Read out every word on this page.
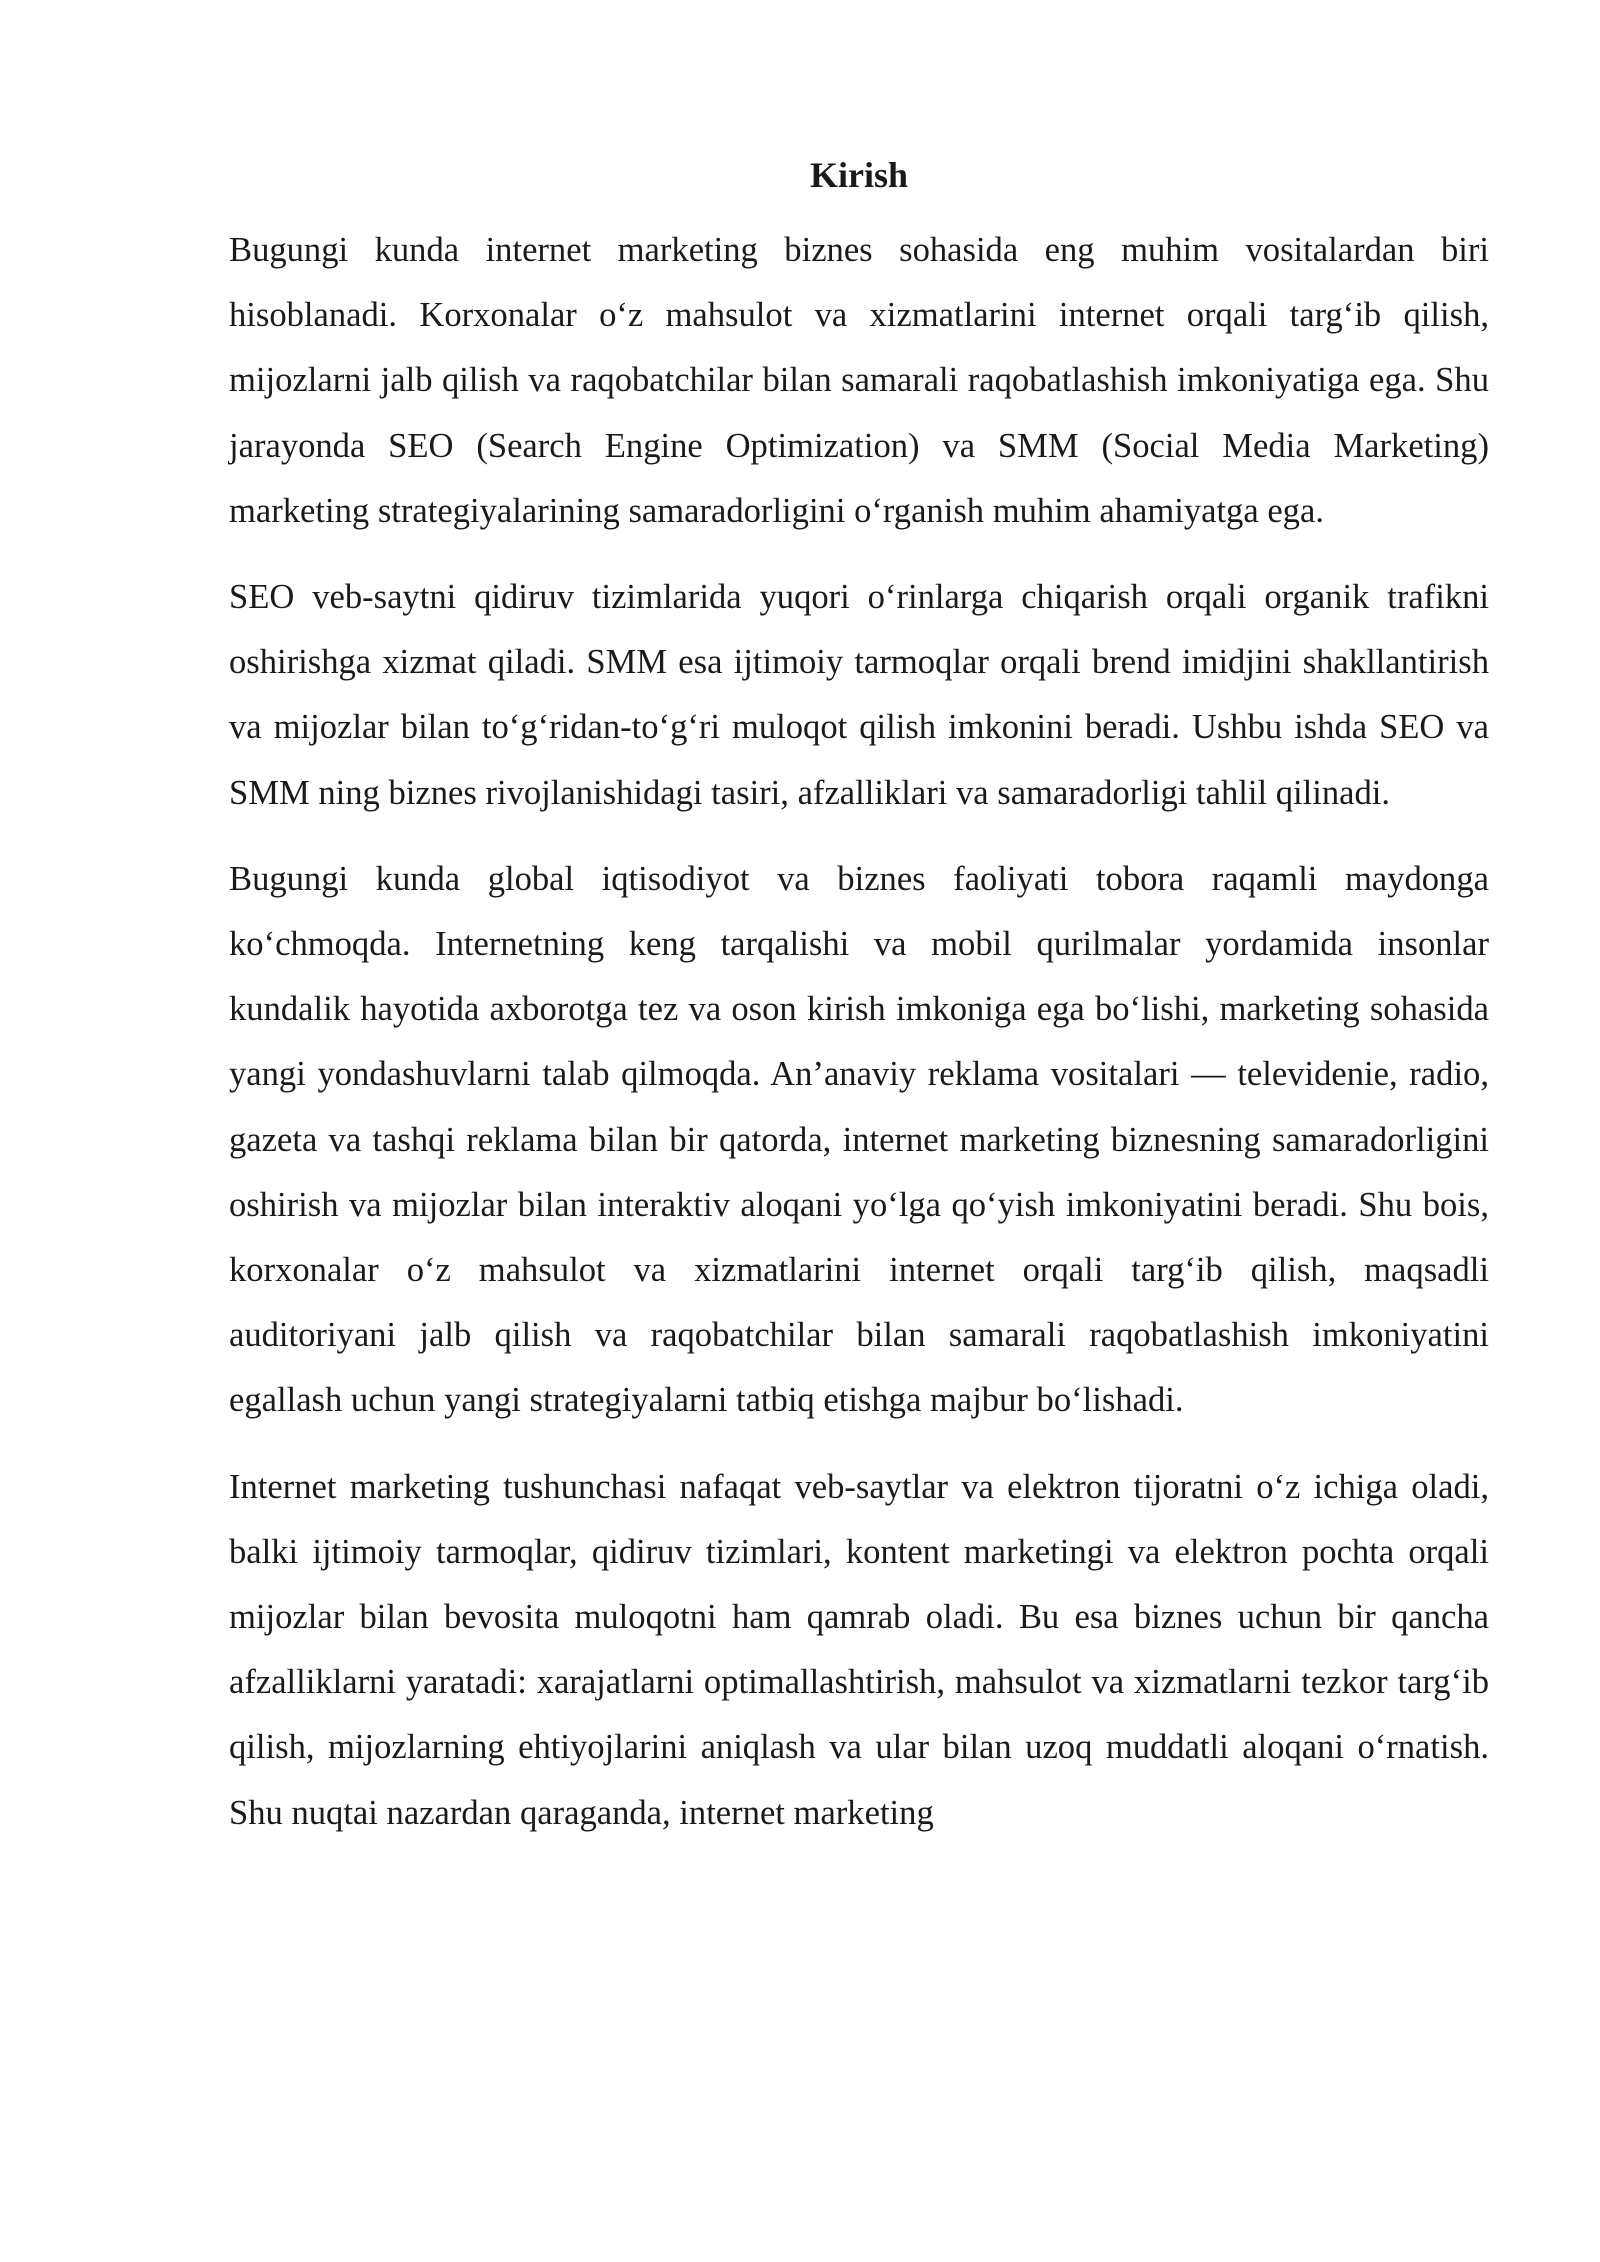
Kirish

Bugungi kunda internet marketing biznes sohasida eng muhim vositalardan biri hisoblanadi. Korxonalar o‘z mahsulot va xizmatlarini internet orqali targ‘ib qilish, mijozlarni jalb qilish va raqobatchilar bilan samarali raqobatlashish imkoniyatiga ega. Shu jarayonda SEO (Search Engine Optimization) va SMM (Social Media Marketing) marketing strategiyalarining samaradorligini o‘rganish muhim ahamiyatga ega.

SEO veb-saytni qidiruv tizimlarida yuqori o‘rinlarga chiqarish orqali organik trafikni oshirishga xizmat qiladi. SMM esa ijtimoiy tarmoqlar orqali brend imidjini shakllantirish va mijozlar bilan to‘g‘ridan-to‘g‘ri muloqot qilish imkonini beradi. Ushbu ishda SEO va SMM ning biznes rivojlanishidagi tasiri, afzalliklari va samaradorligi tahlil qilinadi.

Bugungi kunda global iqtisodiyot va biznes faoliyati tobora raqamli maydonga ko‘chmoqda. Internetning keng tarqalishi va mobil qurilmalar yordamida insonlar kundalik hayotida axborotga tez va oson kirish imkoniga ega bo‘lishi, marketing sohasida yangi yondashuvlarni talab qilmoqda. An’anaviy reklama vositalari — televidenie, radio, gazeta va tashqi reklama bilan bir qatorda, internet marketing biznesning samaradorligini oshirish va mijozlar bilan interaktiv aloqani yo‘lga qo‘yish imkoniyatini beradi. Shu bois, korxonalar o‘z mahsulot va xizmatlarini internet orqali targ‘ib qilish, maqsadli auditoriyani jalb qilish va raqobatchilar bilan samarali raqobatlashish imkoniyatini egallash uchun yangi strategiyalarni tatbiq etishga majbur bo‘lishadi.

Internet marketing tushunchasi nafaqat veb-saytlar va elektron tijoratni o‘z ichiga oladi, balki ijtimoiy tarmoqlar, qidiruv tizimlari, kontent marketingi va elektron pochta orqali mijozlar bilan bevosita muloqotni ham qamrab oladi. Bu esa biznes uchun bir qancha afzalliklarni yaratadi: xarajatlarni optimallashtirish, mahsulot va xizmatlarni tezkor targ‘ib qilish, mijozlarning ehtiyojlarini aniqlash va ular bilan uzoq muddatli aloqani o‘rnatish. Shu nuqtai nazardan qaraganda, internet marketing
